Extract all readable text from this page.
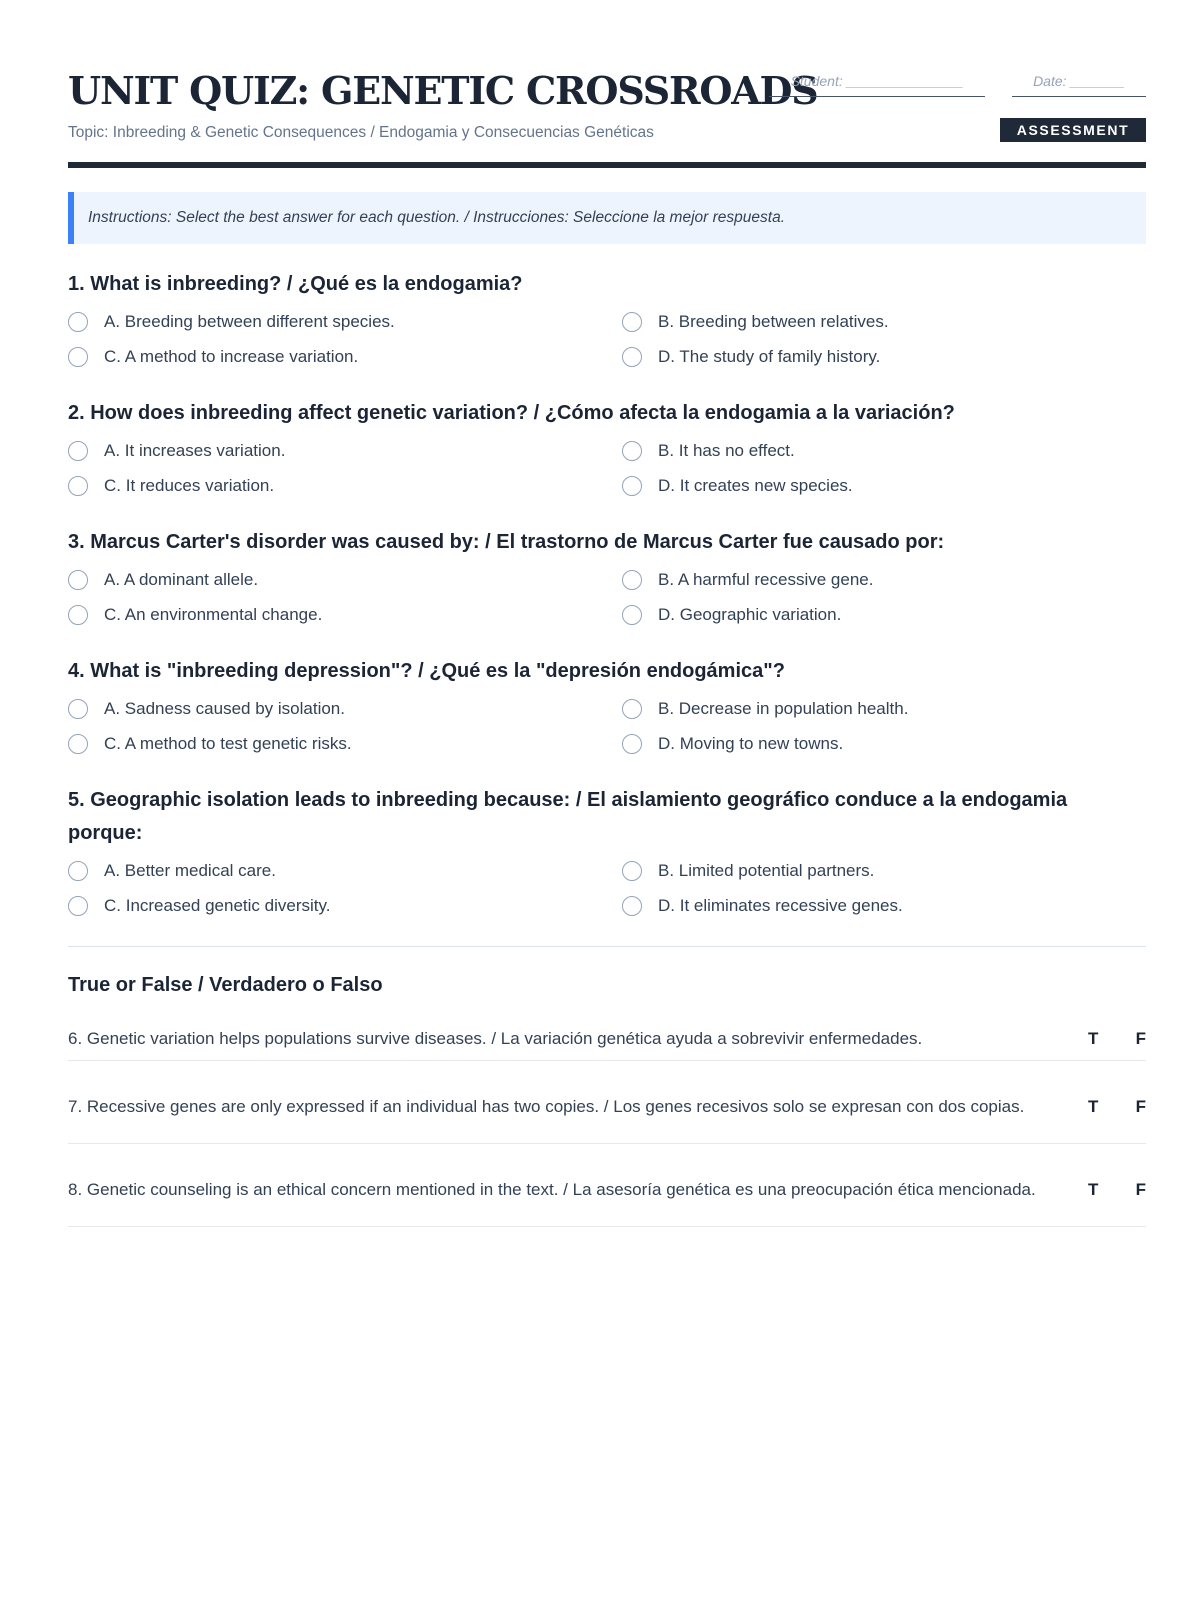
UNIT QUIZ: GENETIC CROSSROADS
Topic: Inbreeding & Genetic Consequences / Endogamia y Consecuencias Genéticas
Student: _______________	Date: _______
ASSESSMENT
Instructions: Select the best answer for each question. / Instrucciones: Seleccione la mejor respuesta.
1. What is inbreeding? / ¿Qué es la endogamia?
A. Breeding between different species.	B. Breeding between relatives.
C. A method to increase variation.	D. The study of family history.
2. How does inbreeding affect genetic variation? / ¿Cómo afecta la endogamia a la variación?
A. It increases variation.	B. It has no effect.
C. It reduces variation.	D. It creates new species.
3. Marcus Carter's disorder was caused by: / El trastorno de Marcus Carter fue causado por:
A. A dominant allele.	B. A harmful recessive gene.
C. An environmental change.	D. Geographic variation.
4. What is "inbreeding depression"? / ¿Qué es la "depresión endogámica"?
A. Sadness caused by isolation.	B. Decrease in population health.
C. A method to test genetic risks.	D. Moving to new towns.
5. Geographic isolation leads to inbreeding because: / El aislamiento geográfico conduce a la endogamia porque:
A. Better medical care.	B. Limited potential partners.
C. Increased genetic diversity.	D. It eliminates recessive genes.
True or False / Verdadero o Falso
6. Genetic variation helps populations survive diseases. / La variación genética ayuda a sobrevivir enfermedades.	T F
7. Recessive genes are only expressed if an individual has two copies. / Los genes recesivos solo se expresan con dos copias.	T F
8. Genetic counseling is an ethical concern mentioned in the text. / La asesoría genética es una preocupación ética mencionada.	T F
